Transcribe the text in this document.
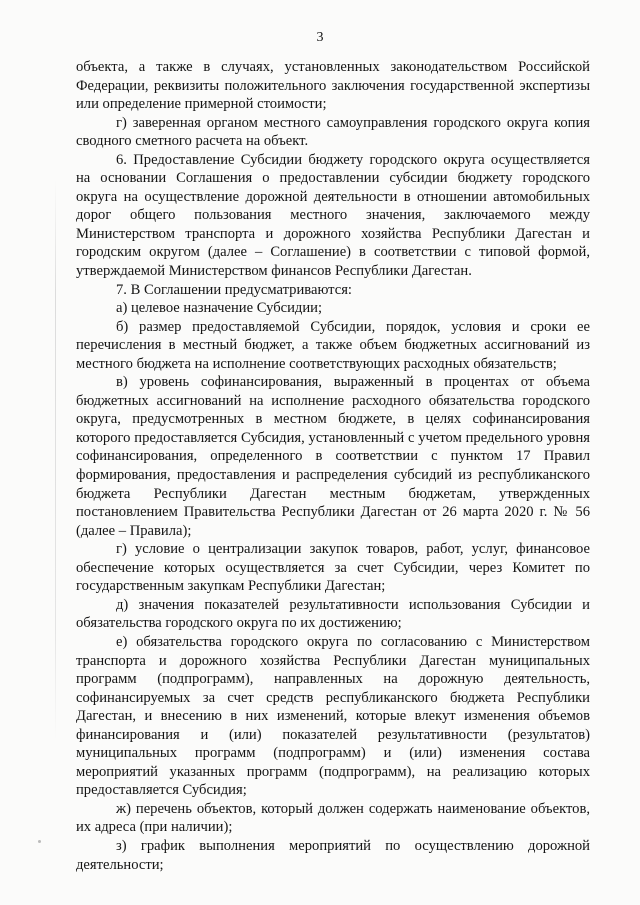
3

объекта, а также в случаях, установленных законодательством Российской Федерации, реквизиты положительного заключения государственной экспертизы или определение примерной стоимости;

г) заверенная органом местного самоуправления городского округа копия сводного сметного расчета на объект.

6. Предоставление Субсидии бюджету городского округа осуществляется на основании Соглашения о предоставлении субсидии бюджету городского округа на осуществление дорожной деятельности в отношении автомобильных дорог общего пользования местного значения, заключаемого между Министерством транспорта и дорожного хозяйства Республики Дагестан и городским округом (далее – Соглашение) в соответствии с типовой формой, утверждаемой Министерством финансов Республики Дагестан.

7. В Соглашении предусматриваются:

а) целевое назначение Субсидии;

б) размер предоставляемой Субсидии, порядок, условия и сроки ее перечисления в местный бюджет, а также объем бюджетных ассигнований из местного бюджета на исполнение соответствующих расходных обязательств;

в) уровень софинансирования, выраженный в процентах от объема бюджетных ассигнований на исполнение расходного обязательства городского округа, предусмотренных в местном бюджете, в целях софинансирования которого предоставляется Субсидия, установленный с учетом предельного уровня софинансирования, определенного в соответствии с пунктом 17 Правил формирования, предоставления и распределения субсидий из республиканского бюджета Республики Дагестан местным бюджетам, утвержденных постановлением Правительства Республики Дагестан от 26 марта 2020 г. № 56 (далее – Правила);

г) условие о централизации закупок товаров, работ, услуг, финансовое обеспечение которых осуществляется за счет Субсидии, через Комитет по государственным закупкам Республики Дагестан;

д) значения показателей результативности использования Субсидии и обязательства городского округа по их достижению;

е) обязательства городского округа по согласованию с Министерством транспорта и дорожного хозяйства Республики Дагестан муниципальных программ (подпрограмм), направленных на дорожную деятельность, софинансируемых за счет средств республиканского бюджета Республики Дагестан, и внесению в них изменений, которые влекут изменения объемов финансирования и (или) показателей результативности (результатов) муниципальных программ (подпрограмм) и (или) изменения состава мероприятий указанных программ (подпрограмм), на реализацию которых предоставляется Субсидия;

ж) перечень объектов, который должен содержать наименование объектов, их адреса (при наличии);

з) график выполнения мероприятий по осуществлению дорожной деятельности;
